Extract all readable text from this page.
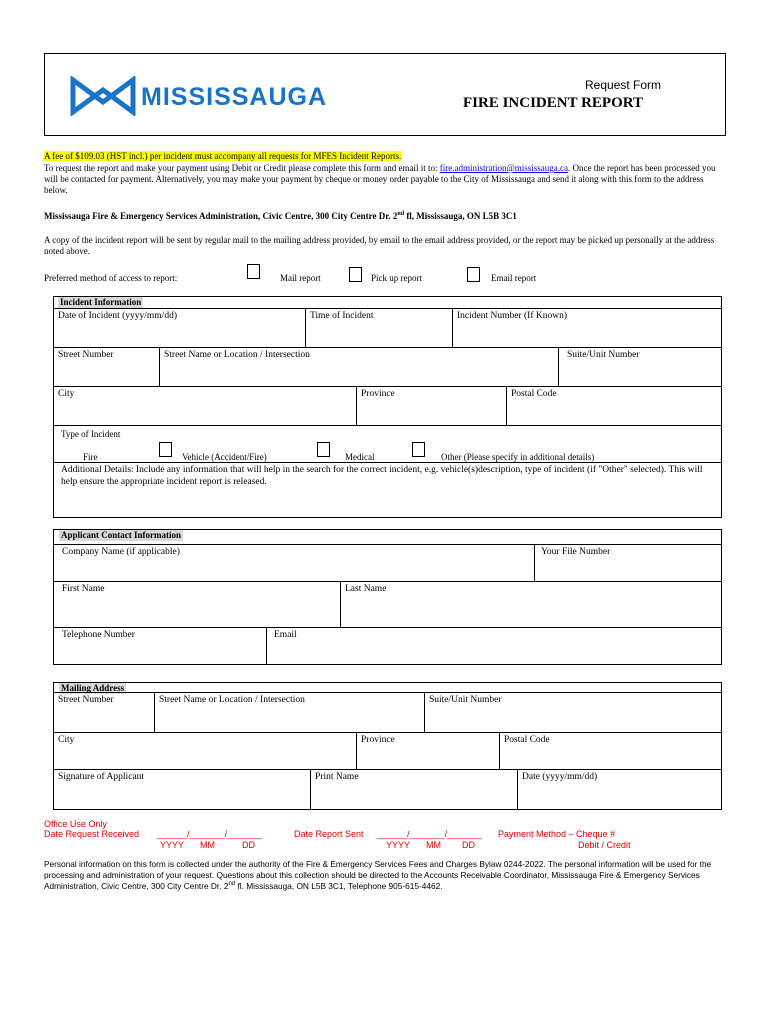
MISSISSAUGA	Request Form
FIRE INCIDENT REPORT
A fee of $109.03 (HST incl.) per incident must accompany all requests for MFES Incident Reports.
To request the report and make your payment using Debit or Credit please complete this form and email it to: fire.administration@mississauga.ca. Once the report has been processed you will be contacted for payment. Alternatively, you may make your payment by cheque or money order payable to the City of Mississauga and send it along with this form to the address below.
Mississauga Fire & Emergency Services Administration, Civic Centre, 300 City Centre Dr. 2nd fl, Mississauga, ON L5B 3C1
A copy of the incident report will be sent by regular mail to the mailing address provided, by email to the email address provided, or the report may be picked up personally at the address noted above.
Preferred method of access to report:	Mail report	Pick up report	Email report
Incident Information
Date of Incident (yyyy/mm/dd)	Time of Incident	Incident Number (If Known)
Street Number	Street Name or Location / Intersection	Suite/Unit Number
City	Province	Postal Code
Type of Incident
Fire	Vehicle (Accident/Fire)	Medical	Other (Please specify in additional details)
Additional Details: Include any information that will help in the search for the correct incident, e.g. vehicle(s)description, type of incident (if "Other" selected). This will help ensure the appropriate incident report is released.
Applicant Contact Information
Company Name (if applicable)	Your File Number
First Name	Last Name
Telephone Number	Email
Mailing Address
Street Number	Street Name or Location / Intersection	Suite/Unit Number
City	Province	Postal Code
Signature of Applicant	Print Name	Date (yyyy/mm/dd)
Office Use Only
Date Request Received ______/_______/_______
YYYY MM	DD
Date Report Sent ______/_______/_______
YYYY MM DD
Payment Method – Cheque #
Debit / Credit
Personal information on this form is collected under the authority of the Fire & Emergency Services Fees and Charges Bylaw 0244-2022. The personal information will be used for the processing and administration of your request. Questions about this collection should be directed to the Accounts Receivable Coordinator, Mississauga Fire & Emergency Services Administration, Civic Centre, 300 City Centre Dr. 2nd fl. Mississauga, ON L5B 3C1, Telephone 905-615-4462.
